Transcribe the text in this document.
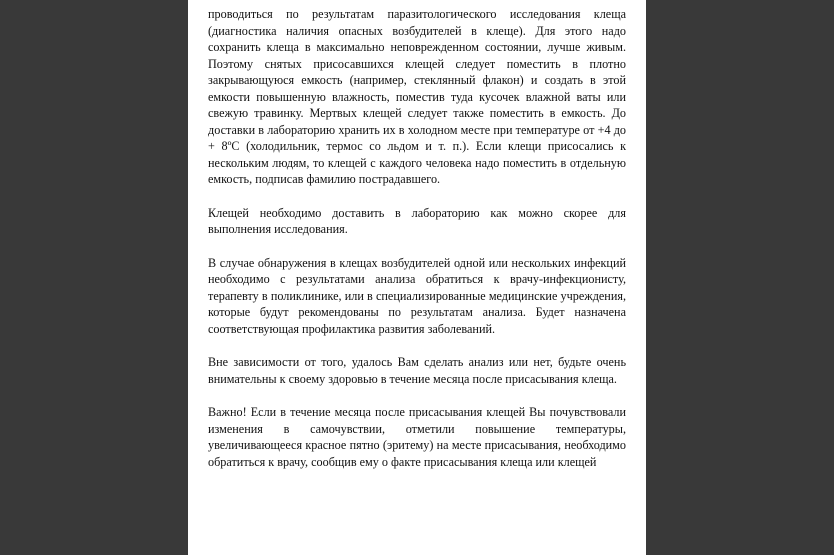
проводиться по результатам паразитологического исследования клеща (диагностика наличия опасных возбудителей в клеще). Для этого надо сохранить клеща в максимально неповрежденном состоянии, лучше живым. Поэтому снятых присосавшихся клещей следует поместить в плотно закрывающуюся емкость (например, стеклянный флакон) и создать в этой емкости повышенную влажность, поместив туда кусочек влажной ваты или свежую травинку. Мертвых клещей следует также поместить в емкость. До доставки в лабораторию хранить их в холодном месте при температуре от +4 до + 8ºС (холодильник, термос со льдом и т. п.). Если клещи присосались к нескольким людям, то клещей с каждого человека надо поместить в отдельную емкость, подписав фамилию пострадавшего.

Клещей необходимо доставить в лабораторию как можно скорее для выполнения исследования.

В случае обнаружения в клещах возбудителей одной или нескольких инфекций необходимо с результатами анализа обратиться к врачу-инфекционисту, терапевту в поликлинике, или в специализированные медицинские учреждения, которые будут рекомендованы по результатам анализа. Будет назначена соответствующая профилактика развития заболеваний.

Вне зависимости от того, удалось Вам сделать анализ или нет, будьте очень внимательны к своему здоровью в течение месяца после присасывания клеща.

Важно! Если в течение месяца после присасывания клещей Вы почувствовали изменения в самочувствии, отметили повышение температуры, увеличивающееся красное пятно (эритему) на месте присасывания, необходимо обратиться к врачу, сообщив ему о факте присасывания клеща или клещей
